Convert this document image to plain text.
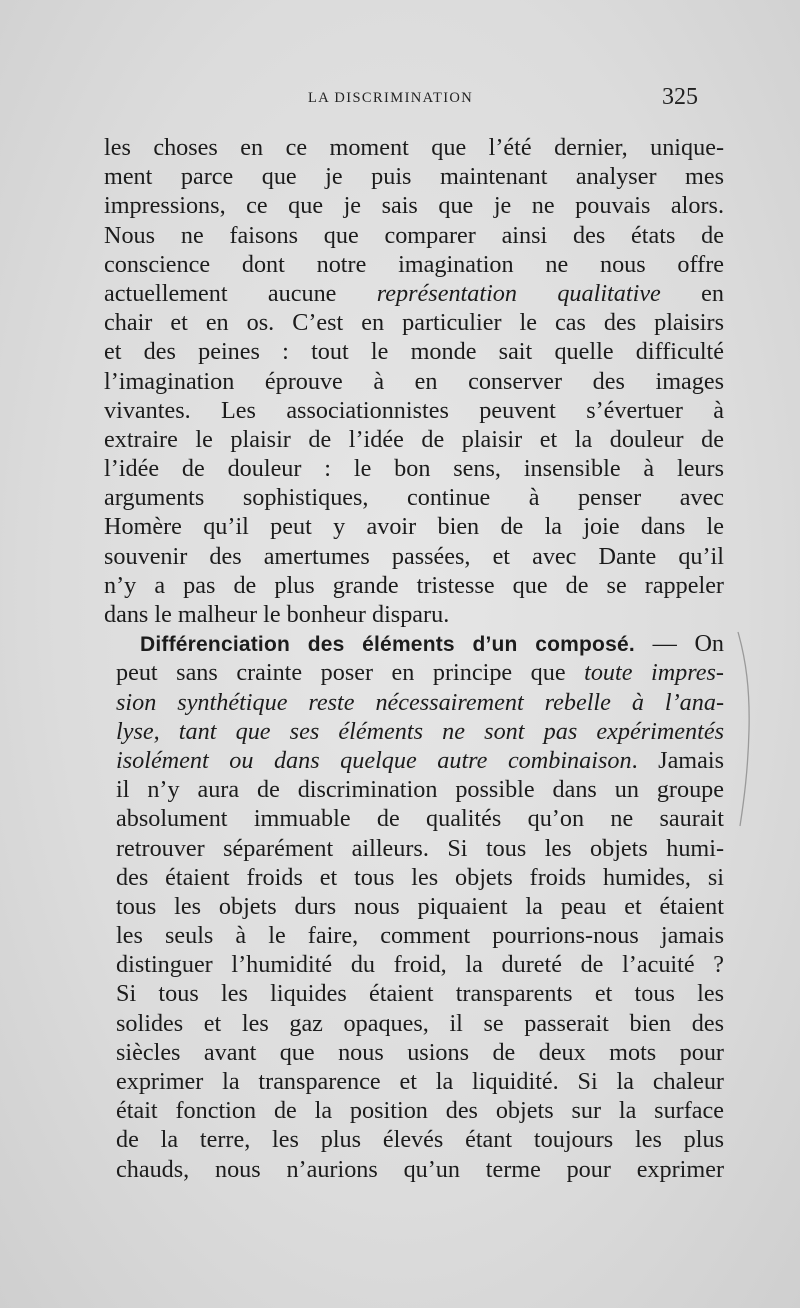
LA DISCRIMINATION	325
les choses en ce moment que l’été dernier, unique-
ment parce que je puis maintenant analyser mes
impressions, ce que je sais que je ne pouvais alors.
Nous ne faisons que comparer ainsi des états de
conscience dont notre imagination ne nous offre
actuellement aucune représentation qualitative en
chair et en os. C’est en particulier le cas des plaisirs
et des peines : tout le monde sait quelle difficulté
l’imagination éprouve à en conserver des images
vivantes. Les associationnistes peuvent s’évertuer à
extraire le plaisir de l’idée de plaisir et la douleur de
l’idée de douleur : le bon sens, insensible à leurs
arguments sophistiques, continue à penser avec
Homère qu’il peut y avoir bien de la joie dans le
souvenir des amertumes passées, et avec Dante qu’il
n’y a pas de plus grande tristesse que de se rappeler
dans le malheur le bonheur disparu.
Différenciation des éléments d’un composé. — On
peut sans crainte poser en principe que toute impres-
sion synthétique reste nécessairement rebelle à l’ana-
lyse, tant que ses éléments ne sont pas expérimentés
isolément ou dans quelque autre combinaison. Jamais
il n’y aura de discrimination possible dans un groupe
absolument immuable de qualités qu’on ne saurait
retrouver séparément ailleurs. Si tous les objets humi-
des étaient froids et tous les objets froids humides, si
tous les objets durs nous piquaient la peau et étaient
les seuls à le faire, comment pourrions-nous jamais
distinguer l’humidité du froid, la dureté de l’acuité ?
Si tous les liquides étaient transparents et tous les
solides et les gaz opaques, il se passerait bien des
siècles avant que nous usions de deux mots pour
exprimer la transparence et la liquidité. Si la chaleur
était fonction de la position des objets sur la surface
de la terre, les plus élevés étant toujours les plus
chauds, nous n’aurions qu’un terme pour exprimer
